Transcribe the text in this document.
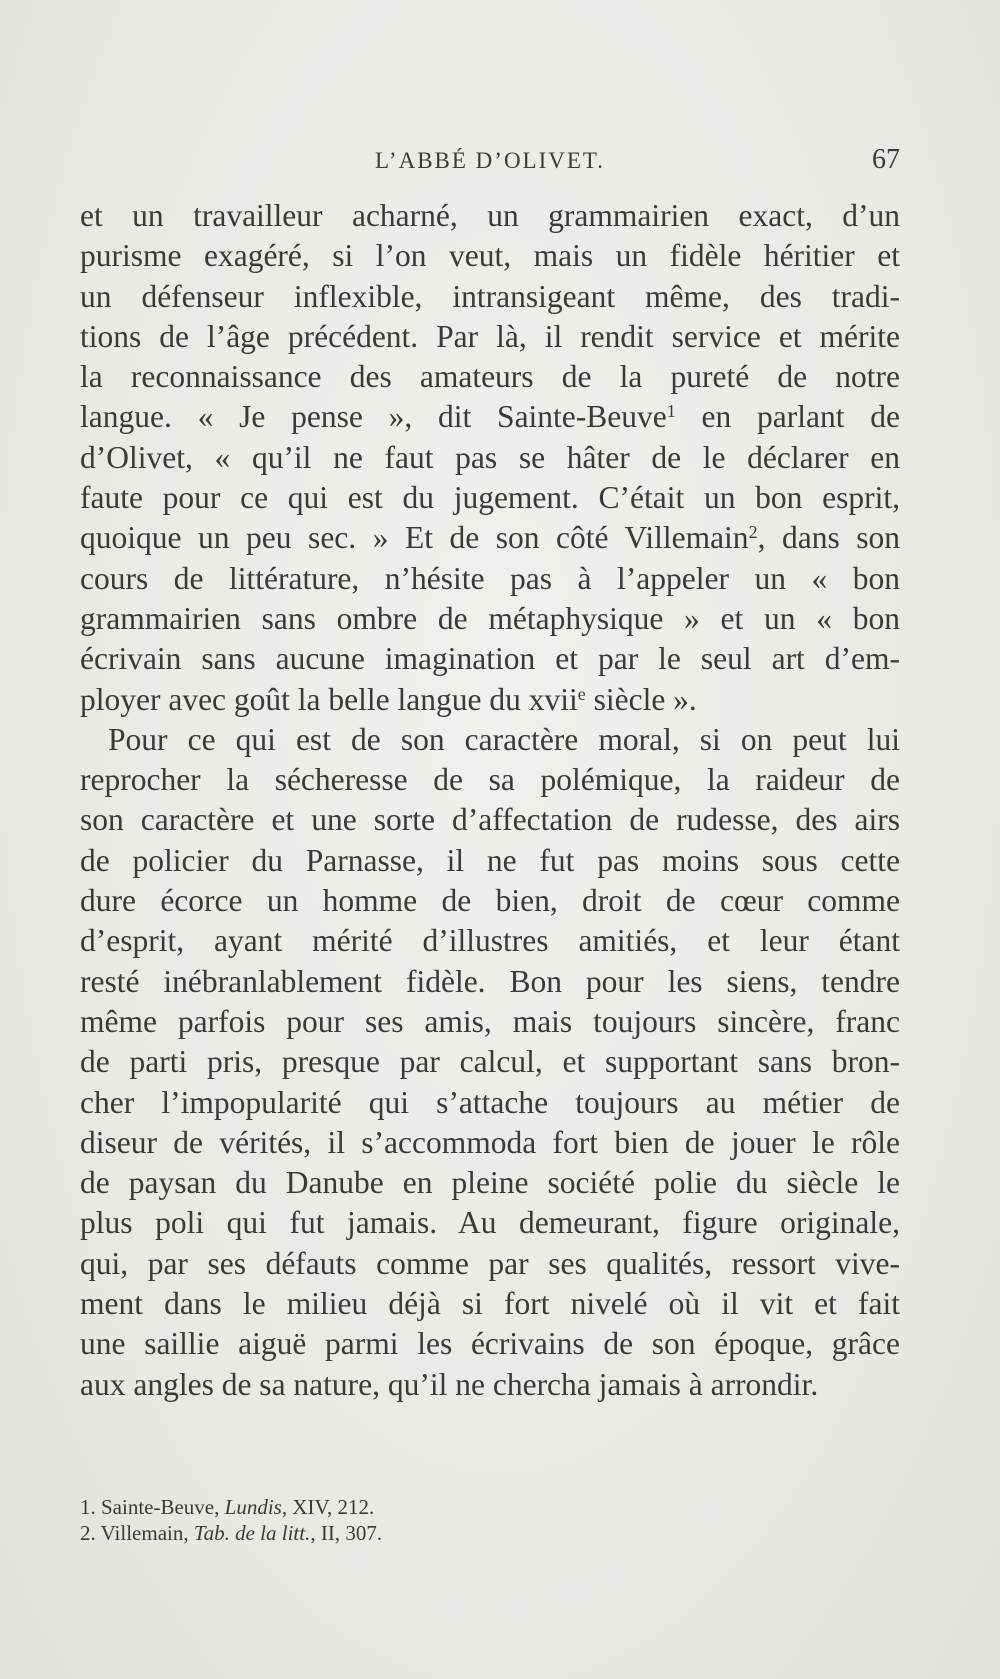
L’ABBÉ D’OLIVET.	67
et un travailleur acharné, un grammairien exact, d’un
purisme exagéré, si l’on veut, mais un fidèle héritier et
un défenseur inflexible, intransigeant même, des tradi-
tions de l’âge précédent. Par là, il rendit service et mérite
la reconnaissance des amateurs de la pureté de notre
langue. « Je pense », dit Sainte-Beuve$^1$ en parlant de
d’Olivet, « qu’il ne faut pas se hâter de le déclarer en
faute pour ce qui est du jugement. C’était un bon esprit,
quoique un peu sec. » Et de son côté Villemain$^2$, dans son
cours de littérature, n’hésite pas à l’appeler un « bon
grammairien sans ombre de métaphysique » et un « bon
écrivain sans aucune imagination et par le seul art d’em-
ployer avec goût la belle langue du xvii$^e$ siècle ».
Pour ce qui est de son caractère moral, si on peut lui
reprocher la sécheresse de sa polémique, la raideur de
son caractère et une sorte d’affectation de rudesse, des airs
de policier du Parnasse, il ne fut pas moins sous cette
dure écorce un homme de bien, droit de cœur comme
d’esprit, ayant mérité d’illustres amitiés, et leur étant
resté inébranlablement fidèle. Bon pour les siens, tendre
même parfois pour ses amis, mais toujours sincère, franc
de parti pris, presque par calcul, et supportant sans bron-
cher l’impopularité qui s’attache toujours au métier de
diseur de vérités, il s’accommoda fort bien de jouer le rôle
de paysan du Danube en pleine société polie du siècle le
plus poli qui fut jamais. Au demeurant, figure originale,
qui, par ses défauts comme par ses qualités, ressort vive-
ment dans le milieu déjà si fort nivelé où il vit et fait
une saillie aiguë parmi les écrivains de son époque, grâce
aux angles de sa nature, qu’il ne chercha jamais à arrondir.
1. Sainte-Beuve, Lundis, XIV, 212.
2. Villemain, Tab. de la litt., II, 307.
